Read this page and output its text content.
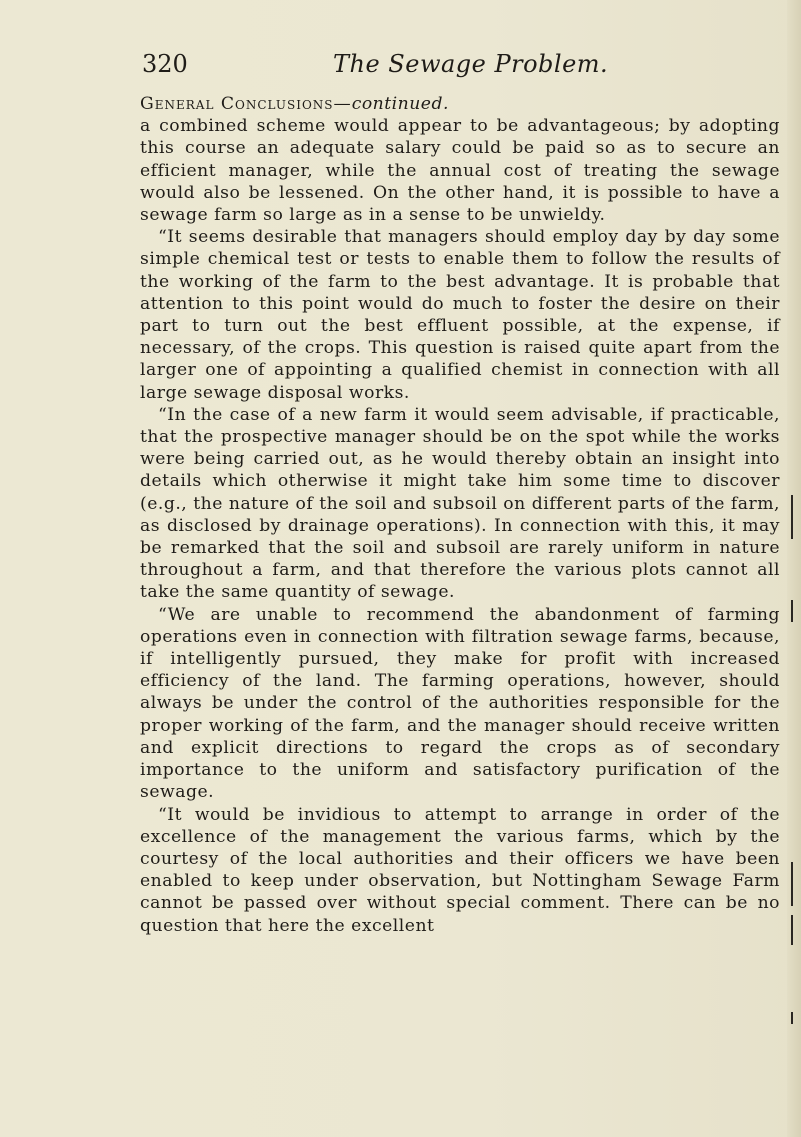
320	The Sewage Problem.

General Conclusions—continued.

a combined scheme would appear to be advantageous; by adopting this course an adequate salary could be paid so as to secure an efficient manager, while the annual cost of treating the sewage would also be lessened. On the other hand, it is possible to have a sewage farm so large as in a sense to be unwieldy.

“It seems desirable that managers should employ day by day some simple chemical test or tests to enable them to follow the results of the working of the farm to the best advantage. It is probable that attention to this point would do much to foster the desire on their part to turn out the best effluent possible, at the expense, if necessary, of the crops. This question is raised quite apart from the larger one of appointing a qualified chemist in connection with all large sewage disposal works.

“In the case of a new farm it would seem advisable, if practicable, that the prospective manager should be on the spot while the works were being carried out, as he would thereby obtain an insight into details which otherwise it might take him some time to discover (e.g., the nature of the soil and subsoil on different parts of the farm, as disclosed by drainage operations). In connection with this, it may be remarked that the soil and subsoil are rarely uniform in nature throughout a farm, and that therefore the various plots cannot all take the same quantity of sewage.

“We are unable to recommend the abandonment of farming operations even in connection with filtration sewage farms, because, if intelligently pursued, they make for profit with increased efficiency of the land. The farming operations, however, should always be under the control of the authorities responsible for the proper working of the farm, and the manager should receive written and explicit directions to regard the crops as of secondary importance to the uniform and satisfactory purification of the sewage.

“It would be invidious to attempt to arrange in order of the excellence of the management the various farms, which by the courtesy of the local authorities and their officers we have been enabled to keep under observation, but Nottingham Sewage Farm cannot be passed over without special comment. There can be no question that here the excellent
